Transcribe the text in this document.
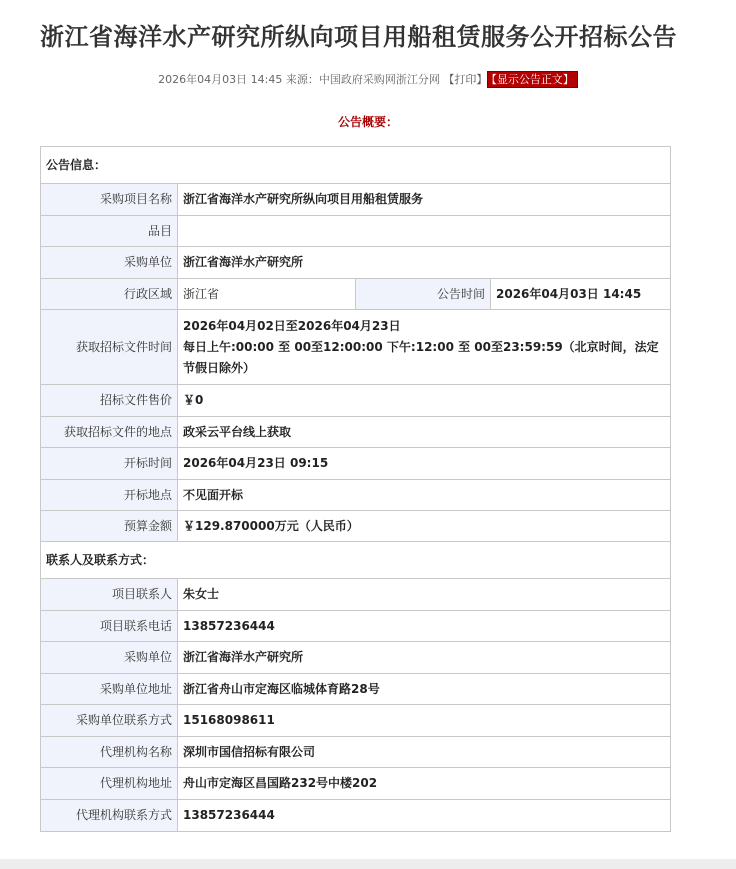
浙江省海洋水产研究所纵向项目用船租赁服务公开招标公告
2026年04月03日 14:45 来源：中国政府采购网浙江分网 【打印】 【显示公告正文】
公告概要：
公告信息：			
采购项目名称	浙江省海洋水产研究所纵向项目用船租赁服务		
品目			
采购单位	浙江省海洋水产研究所		
行政区域	浙江省	公告时间	2026年04月03日 14:45
获取招标文件时间	2026年04月02日至2026年04月23日
每日上午:00:00 至 00至12:00:00 下午:12:00 至 00至23:59:59（北京时间，法定节假日除外）		

招标文件售价	￥0		
获取招标文件的地点	政采云平台线上获取		
开标时间	2026年04月23日 09:15		
开标地点	不见面开标		
预算金额	￥129.870000万元（人民币）		
联系人及联系方式：			
项目联系人	朱女士		
项目联系电话	13857236444		
采购单位	浙江省海洋水产研究所		
采购单位地址	浙江省舟山市定海区临城体育路28号		
采购单位联系方式	15168098611		
代理机构名称	深圳市国信招标有限公司		
代理机构地址	舟山市定海区昌国路232号中楼202		
代理机构联系方式	13857236444		
